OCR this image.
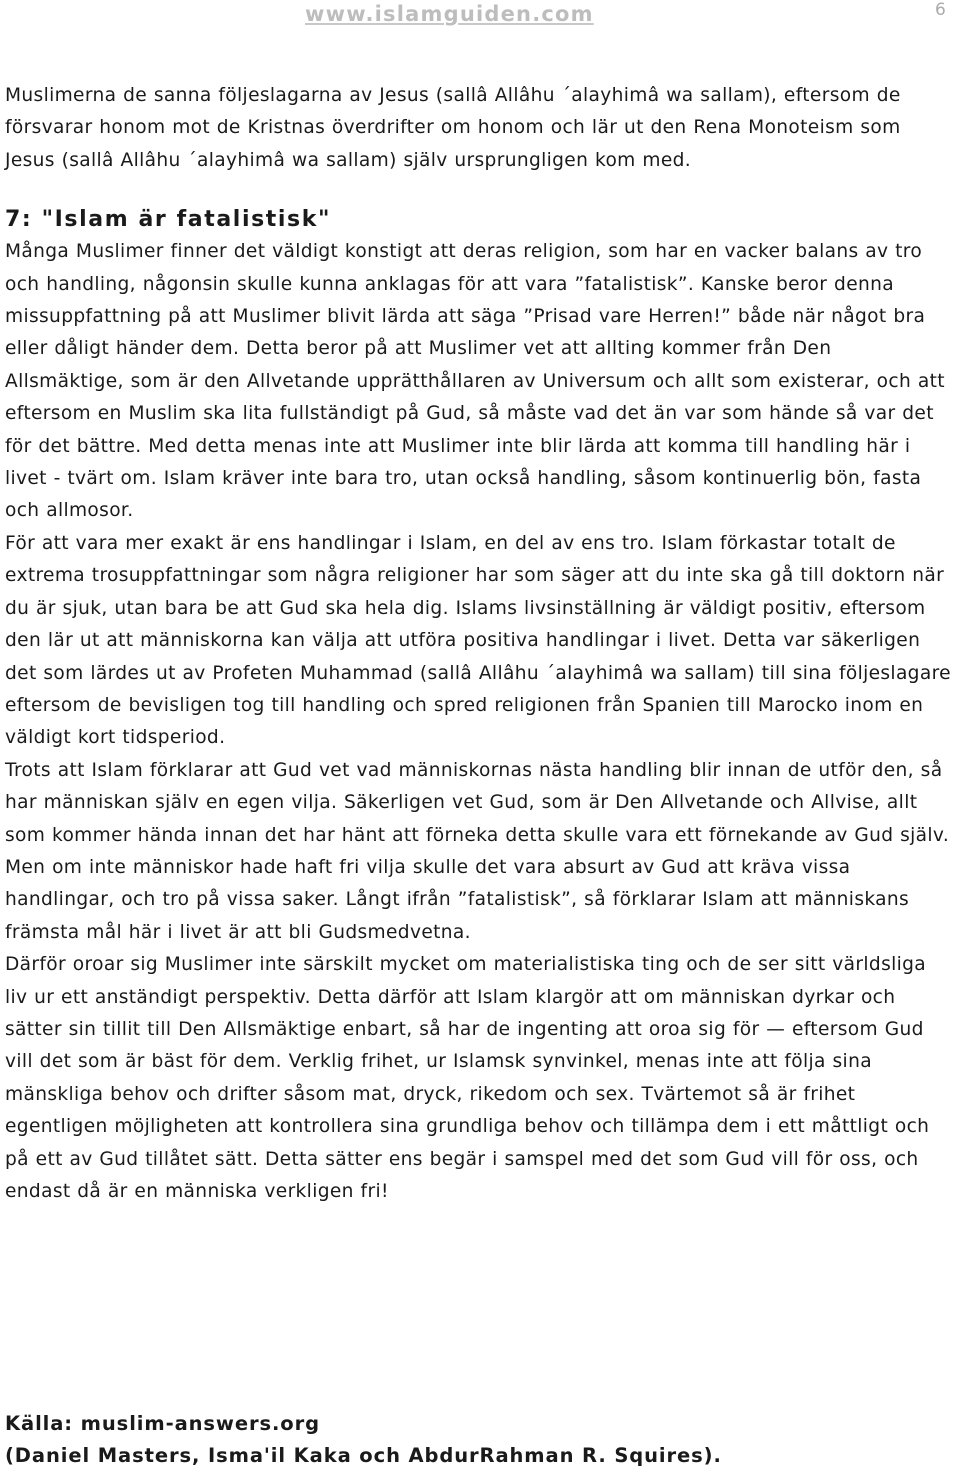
www.islamguiden.com	6

Muslimerna de sanna följeslagarna av Jesus (sallâ Allâhu ´alayhimâ wa sallam), eftersom de försvarar honom mot de Kristnas överdrifter om honom och lär ut den Rena Monoteism som Jesus (sallâ Allâhu ´alayhimâ wa sallam) själv ursprungligen kom med.

7: "Islam är fatalistisk"

Många Muslimer finner det väldigt konstigt att deras religion, som har en vacker balans av tro och handling, någonsin skulle kunna anklagas för att vara ”fatalistisk”. Kanske beror denna missuppfattning på att Muslimer blivit lärda att säga ”Prisad vare Herren!” både när något bra eller dåligt händer dem. Detta beror på att Muslimer vet att allting kommer från Den Allsmäktige, som är den Allvetande upprätthållaren av Universum och allt som existerar, och att eftersom en Muslim ska lita fullständigt på Gud, så måste vad det än var som hände så var det för det bättre. Med detta menas inte att Muslimer inte blir lärda att komma till handling här i livet - tvärt om. Islam kräver inte bara tro, utan också handling, såsom kontinuerlig bön, fasta och allmosor.

För att vara mer exakt är ens handlingar i Islam, en del av ens tro. Islam förkastar totalt de extrema trosuppfattningar som några religioner har som säger att du inte ska gå till doktorn när du är sjuk, utan bara be att Gud ska hela dig. Islams livsinställning är väldigt positiv, eftersom den lär ut att människorna kan välja att utföra positiva handlingar i livet. Detta var säkerligen det som lärdes ut av Profeten Muhammad (sallâ Allâhu ´alayhimâ wa sallam) till sina följeslagare eftersom de bevisligen tog till handling och spred religionen från Spanien till Marocko inom en väldigt kort tidsperiod.

Trots att Islam förklarar att Gud vet vad människornas nästa handling blir innan de utför den, så har människan själv en egen vilja. Säkerligen vet Gud, som är Den Allvetande och Allvise, allt som kommer hända innan det har hänt att förneka detta skulle vara ett förnekande av Gud själv. Men om inte människor hade haft fri vilja skulle det vara absurt av Gud att kräva vissa handlingar, och tro på vissa saker. Långt ifrån ”fatalistisk”, så förklarar Islam att människans främsta mål här i livet är att bli Gudsmedvetna.

Därför oroar sig Muslimer inte särskilt mycket om materialistiska ting och de ser sitt världsliga liv ur ett anständigt perspektiv. Detta därför att Islam klargör att om människan dyrkar och sätter sin tillit till Den Allsmäktige enbart, så har de ingenting att oroa sig för — eftersom Gud vill det som är bäst för dem. Verklig frihet, ur Islamsk synvinkel, menas inte att följa sina mänskliga behov och drifter såsom mat, dryck, rikedom och sex. Tvärtemot så är frihet egentligen möjligheten att kontrollera sina grundliga behov och tillämpa dem i ett måttligt och på ett av Gud tillåtet sätt. Detta sätter ens begär i samspel med det som Gud vill för oss, och endast då är en människa verkligen fri!

Källa: muslim-answers.org

(Daniel Masters, Isma'il Kaka och AbdurRahman R. Squires).
